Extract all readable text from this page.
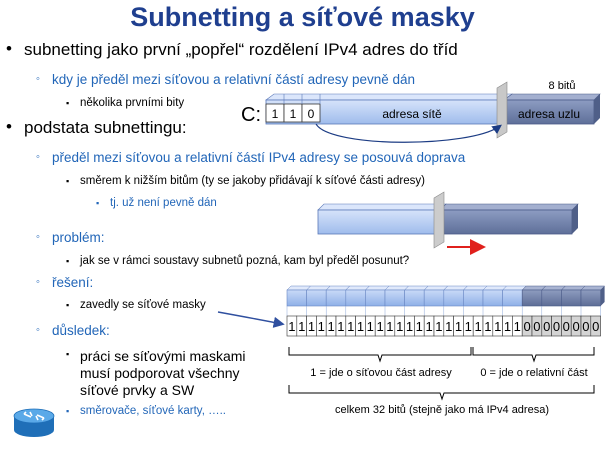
Subnetting a síťové masky
• subnetting jako první „popřel“ rozdělení IPv4 adres do tříd
◦ kdy je předěl mezi síťovou a relativní částí adresy pevně dán
▪ několika prvními bity
• podstata subnettingu:
◦ předěl mezi síťovou a relativní částí IPv4 adresy se posouvá doprava
▪ směrem k nižším bitům (ty se jakoby přidávají k síťové části adresy)
▪ tj. už není pevně dán
◦ problém:
▪ jak se v rámci soustavy subnetů pozná, kam byl předěl posunut?
◦ řešení:
▪ zavedly se síťové masky
◦ důsledek:
▪ práci se síťovými maskami
musí podporovat všechny
síťové prvky a SW
▪ směrovače, síťové karty, …..
1 1 0	adresa sítě	adresa uzlu
C:
8 bitů
1 1 1 1 1 1 1 1 1 1 1 1 1 1 1 1 1 1 1 1 1 1 1 1 0 0 0 0 0 0 0 0
1 = jde o síťovou část adresy	0 = jde o relativní část
celkem 32 bitů (stejně jako má IPv4 adresa)
